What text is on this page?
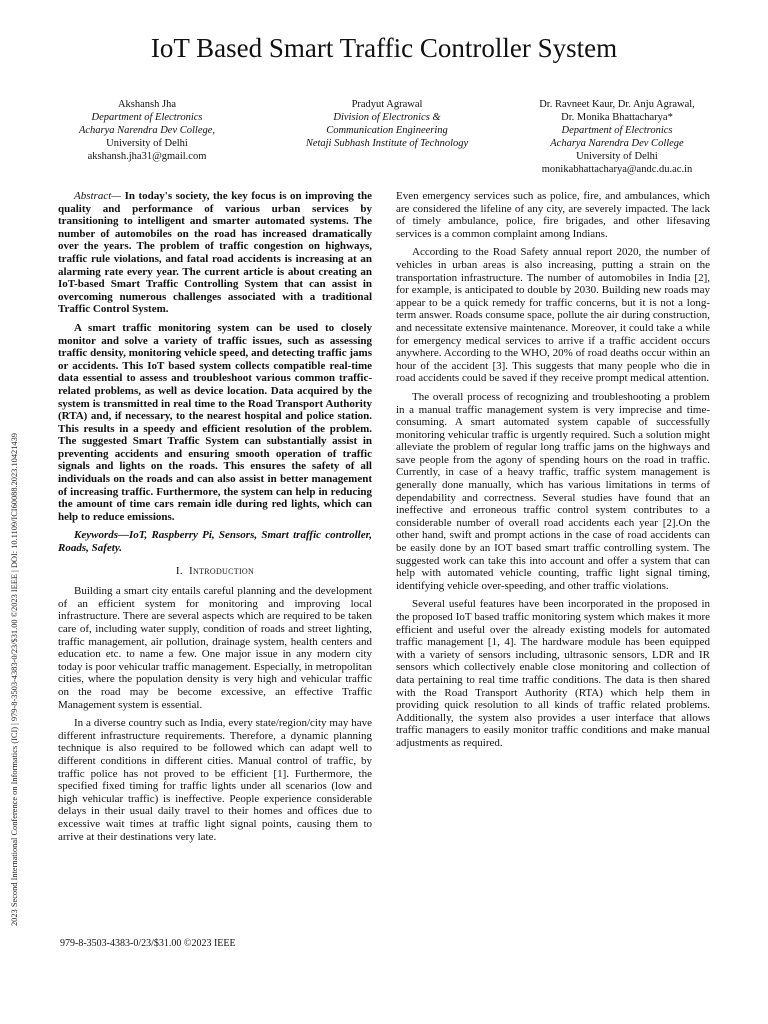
IoT Based Smart Traffic Controller System
Akshansh Jha
Department of Electronics
Acharya Narendra Dev College,
University of Delhi
akshansh.jha31@gmail.com
Pradyut Agrawal
Division of Electronics &
Communication Engineering
Netaji Subhash Institute of Technology
Dr. Ravneet Kaur, Dr. Anju Agrawal,
Dr. Monika Bhattacharya*
Department of Electronics
Acharya Narendra Dev College
University of Delhi
monikabhattacharya@andc.du.ac.in
2023 Second International Conference on Informatics (ICI) | 979-8-3503-4383-0/23/$31.00 ©2023 IEEE | DOI: 10.1109/ICI60088.2023.10421439

Abstract— In today's society, the key focus is on improving the quality and performance of various urban services by transitioning to intelligent and smarter automated systems. The number of automobiles on the road has increased dramatically over the years. The problem of traffic congestion on highways, traffic rule violations, and fatal road accidents is increasing at an alarming rate every year. The current article is about creating an IoT-based Smart Traffic Controlling System that can assist in overcoming numerous challenges associated with a traditional Traffic Control System.

A smart traffic monitoring system can be used to closely monitor and solve a variety of traffic issues, such as assessing traffic density, monitoring vehicle speed, and detecting traffic jams or accidents. This IoT based system collects compatible real-time data essential to assess and troubleshoot various common traffic-related problems, as well as device location. Data acquired by the system is transmitted in real time to the Road Transport Authority (RTA) and, if necessary, to the nearest hospital and police station. This results in a speedy and efficient resolution of the problem. The suggested Smart Traffic System can substantially assist in preventing accidents and ensuring smooth operation of traffic signals and lights on the roads. This ensures the safety of all individuals on the roads and can also assist in better management of increasing traffic. Furthermore, the system can help in reducing the amount of time cars remain idle during red lights, which can help to reduce emissions.

Keywords—IoT, Raspberry Pi, Sensors, Smart traffic controller, Roads, Safety.

I. Introduction

Building a smart city entails careful planning and the development of an efficient system for monitoring and improving local infrastructure. There are several aspects which are required to be taken care of, including water supply, condition of roads and street lighting, traffic management, air pollution, drainage system, health centers and education etc. to name a few. One major issue in any modern city today is poor vehicular traffic management. Especially, in metropolitan cities, where the population density is very high and vehicular traffic on the road may be become excessive, an effective Traffic Management system is essential.

In a diverse country such as India, every state/region/city may have different infrastructure requirements. Therefore, a dynamic planning technique is also required to be followed which can adapt well to different conditions in different cities. Manual control of traffic, by traffic police has not proved to be efficient [1]. Furthermore, the specified fixed timing for traffic lights under all scenarios (low and high vehicular traffic) is ineffective. People experience considerable delays in their usual daily travel to their homes and offices due to excessive wait times at traffic light signal points, causing them to arrive at their destinations very late.

Even emergency services such as police, fire, and ambulances, which are considered the lifeline of any city, are severely impacted. The lack of timely ambulance, police, fire brigades, and other lifesaving services is a common complaint among Indians.

According to the Road Safety annual report 2020, the number of vehicles in urban areas is also increasing, putting a strain on the transportation infrastructure. The number of automobiles in India [2], for example, is anticipated to double by 2030. Building new roads may appear to be a quick remedy for traffic concerns, but it is not a long-term answer. Roads consume space, pollute the air during construction, and necessitate extensive maintenance. Moreover, it could take a while for emergency medical services to arrive if a traffic accident occurs anywhere. According to the WHO, 20% of road deaths occur within an hour of the accident [3]. This suggests that many people who die in road accidents could be saved if they receive prompt medical attention.

The overall process of recognizing and troubleshooting a problem in a manual traffic management system is very imprecise and time-consuming. A smart automated system capable of successfully monitoring vehicular traffic is urgently required. Such a solution might alleviate the problem of regular long traffic jams on the highways and save people from the agony of spending hours on the road in traffic. Currently, in case of a heavy traffic, traffic system management is generally done manually, which has various limitations in terms of dependability and correctness. Several studies have found that an ineffective and erroneous traffic control system contributes to a considerable number of overall road accidents each year [2].On the other hand, swift and prompt actions in the case of road accidents can be easily done by an IOT based smart traffic controlling system. The suggested work can take this into account and offer a system that can help with automated vehicle counting, traffic light signal timing, identifying vehicle over-speeding, and other traffic violations.

Several useful features have been incorporated in the proposed in the proposed IoT based traffic monitoring system which makes it more efficient and useful over the already existing models for automated traffic management [1, 4]. The hardware module has been equipped with a variety of sensors including, ultrasonic sensors, LDR and IR sensors which collectively enable close monitoring and collection of data pertaining to real time traffic conditions. The data is then shared with the Road Transport Authority (RTA) which help them in providing quick resolution to all kinds of traffic related problems. Additionally, the system also provides a user interface that allows traffic managers to easily monitor traffic conditions and make manual adjustments as required.

979-8-3503-4383-0/23/$31.00 ©2023 IEEE
